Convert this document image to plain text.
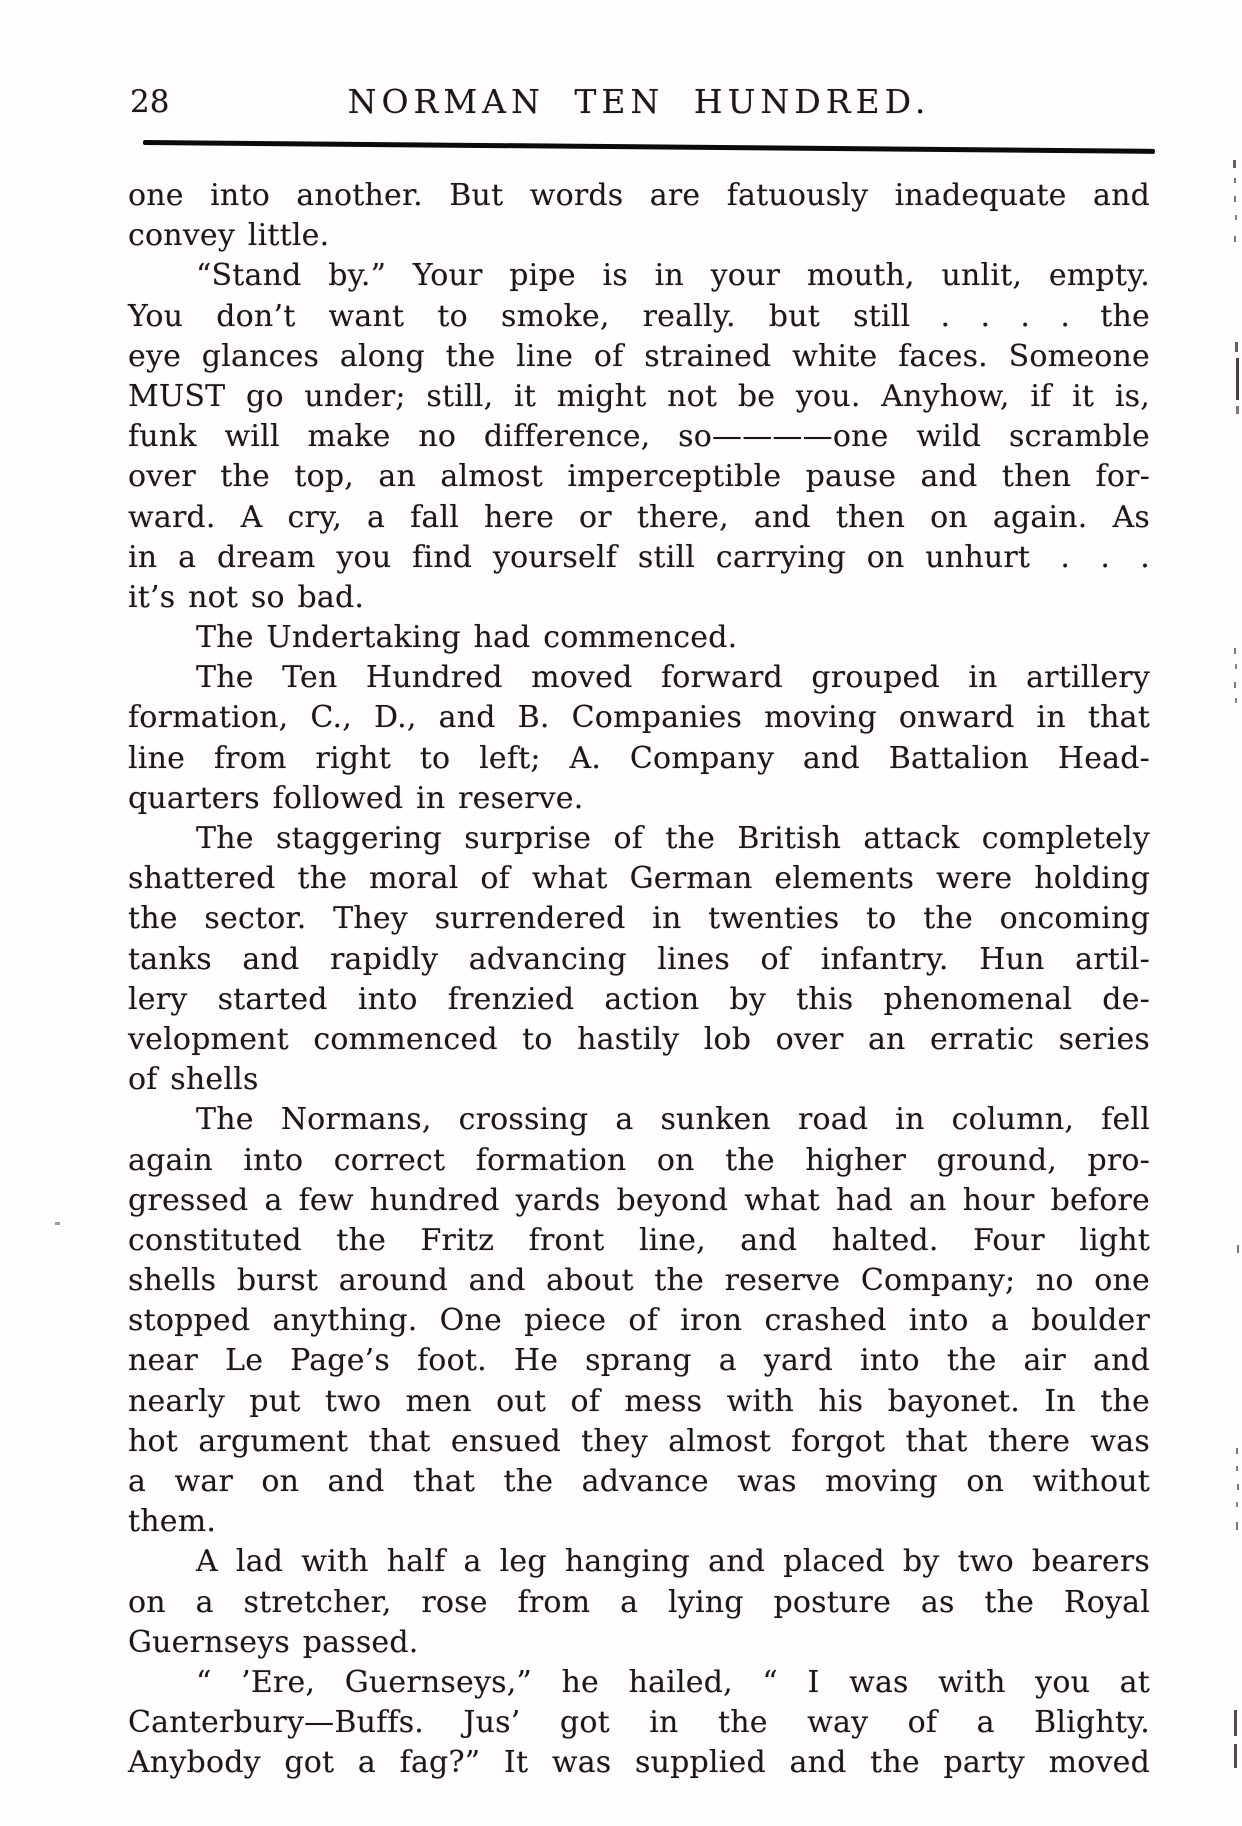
28	NORMAN TEN HUNDRED.
one into another. But words are fatuously inadequate and
convey little.
“Stand by.” Your pipe is in your mouth, unlit, empty.
You don’t want to smoke, really. but still . . . . the
eye glances along the line of strained white faces. Someone
MUST go under; still, it might not be you. Anyhow, if it is,
funk will make no difference, so————one wild scramble
over the top, an almost imperceptible pause and then for-
ward. A cry, a fall here or there, and then on again. As
in a dream you find yourself still carrying on unhurt . . .
it’s not so bad.
The Undertaking had commenced.
The Ten Hundred moved forward grouped in artillery
formation, C., D., and B. Companies moving onward in that
line from right to left; A. Company and Battalion Head-
quarters followed in reserve.
The staggering surprise of the British attack completely
shattered the moral of what German elements were holding
the sector. They surrendered in twenties to the oncoming
tanks and rapidly advancing lines of infantry. Hun artil-
lery started into frenzied action by this phenomenal de-
velopment commenced to hastily lob over an erratic series
of shells
The Normans, crossing a sunken road in column, fell
again into correct formation on the higher ground, pro-
gressed a few hundred yards beyond what had an hour before
constituted the Fritz front line, and halted. Four light
shells burst around and about the reserve Company; no one
stopped anything. One piece of iron crashed into a boulder
near Le Page’s foot. He sprang a yard into the air and
nearly put two men out of mess with his bayonet. In the
hot argument that ensued they almost forgot that there was
a war on and that the advance was moving on without
them.
A lad with half a leg hanging and placed by two bearers
on a stretcher, rose from a lying posture as the Royal
Guernseys passed.
“ ’Ere, Guernseys,” he hailed, “ I was with you at
Canterbury—Buffs. Jus’ got in the way of a Blighty.
Anybody got a fag?” It was supplied and the party moved
